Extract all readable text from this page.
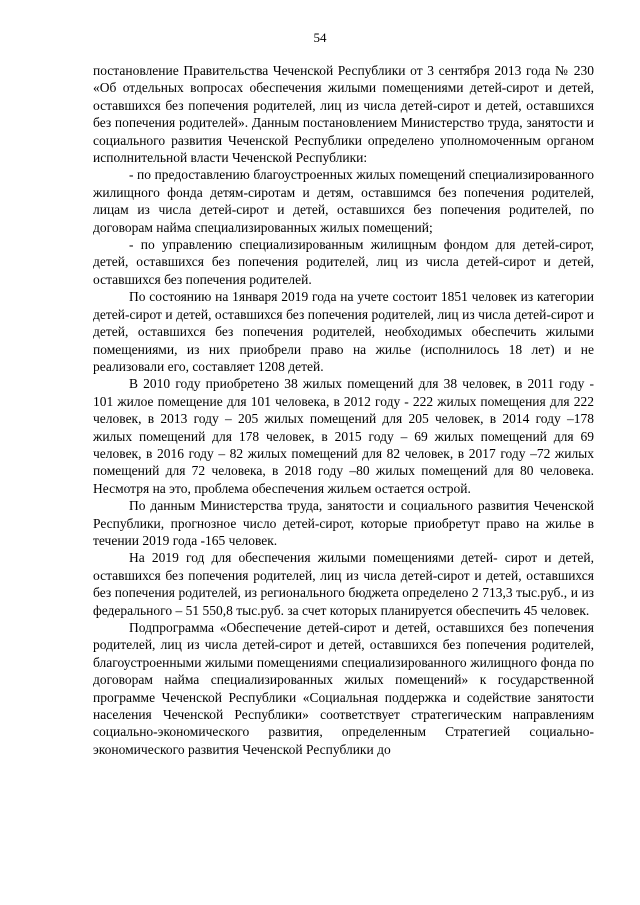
54

постановление Правительства Чеченской Республики от 3 сентября 2013 года № 230 «Об отдельных вопросах обеспечения жилыми помещениями детей-сирот и детей, оставшихся без попечения родителей, лиц из числа детей-сирот и детей, оставшихся без попечения родителей». Данным постановлением Министерство труда, занятости и социального развития Чеченской Республики определено уполномоченным органом исполнительной власти Чеченской Республики:

- по предоставлению благоустроенных жилых помещений специализированного жилищного фонда детям-сиротам и детям, оставшимся без попечения родителей, лицам из числа детей-сирот и детей, оставшихся без попечения родителей, по договорам найма специализированных жилых помещений;

- по управлению специализированным жилищным фондом для детей-сирот, детей, оставшихся без попечения родителей, лиц из числа детей-сирот и детей, оставшихся без попечения родителей.

По состоянию на 1января 2019 года на учете состоит 1851 человек из категории детей-сирот и детей, оставшихся без попечения родителей, лиц из числа детей-сирот и детей, оставшихся без попечения родителей, необходимых обеспечить жилыми помещениями, из них приобрели право на жилье (исполнилось 18 лет) и не реализовали его, составляет 1208 детей.

В 2010 году приобретено 38 жилых помещений для 38 человек, в 2011 году - 101 жилое помещение для 101 человека, в 2012 году - 222 жилых помещения для 222 человек, в 2013 году – 205 жилых помещений для 205 человек, в 2014 году –178 жилых помещений для 178 человек, в 2015 году – 69 жилых помещений для 69 человек, в 2016 году – 82 жилых помещений для 82 человек, в 2017 году –72 жилых помещений для 72 человека, в 2018 году –80 жилых помещений для 80 человека. Несмотря на это, проблема обеспечения жильем остается острой.

По данным Министерства труда, занятости и социального развития Чеченской Республики, прогнозное число детей-сирот, которые приобретут право на жилье в течении 2019 года -165 человек.

На 2019 год для обеспечения жилыми помещениями детей- сирот и детей, оставшихся без попечения родителей, лиц из числа детей-сирот и детей, оставшихся без попечения родителей, из регионального бюджета определено 2 713,3 тыс.руб., и из федерального – 51 550,8 тыс.руб. за счет которых планируется обеспечить 45 человек.

Подпрограмма «Обеспечение детей-сирот и детей, оставшихся без попечения родителей, лиц из числа детей-сирот и детей, оставшихся без попечения родителей, благоустроенными жилыми помещениями специализированного жилищного фонда по договорам найма специализированных жилых помещений» к государственной программе Чеченской Республики «Социальная поддержка и содействие занятости населения Чеченской Республики» соответствует стратегическим направлениям социально-экономического развития, определенным Стратегией социально-экономического развития Чеченской Республики до
